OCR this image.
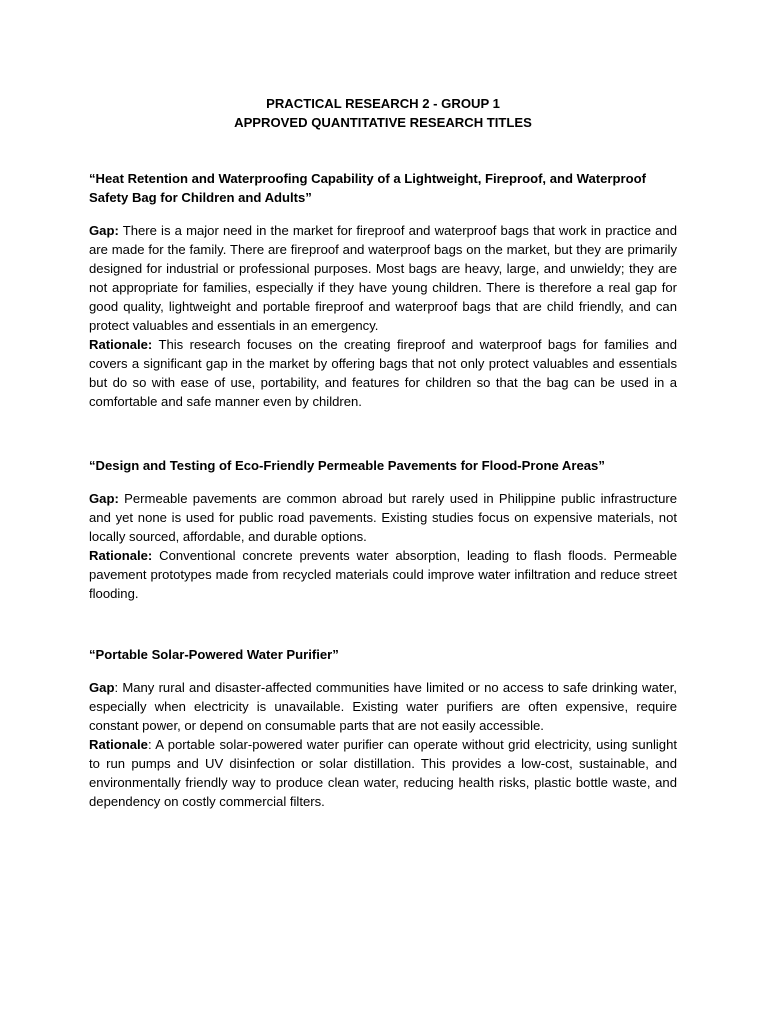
PRACTICAL RESEARCH 2 - GROUP 1
APPROVED QUANTITATIVE RESEARCH TITLES

“Heat Retention and Waterproofing Capability of a Lightweight, Fireproof, and Waterproof Safety Bag for Children and Adults”

Gap: There is a major need in the market for fireproof and waterproof bags that work in practice and are made for the family. There are fireproof and waterproof bags on the market, but they are primarily designed for industrial or professional purposes. Most bags are heavy, large, and unwieldy; they are not appropriate for families, especially if they have young children. There is therefore a real gap for good quality, lightweight and portable fireproof and waterproof bags that are child friendly, and can protect valuables and essentials in an emergency.

Rationale: This research focuses on the creating fireproof and waterproof bags for families and covers a significant gap in the market by offering bags that not only protect valuables and essentials but do so with ease of use, portability, and features for children so that the bag can be used in a comfortable and safe manner even by children.

“Design and Testing of Eco-Friendly Permeable Pavements for Flood-Prone Areas”

Gap: Permeable pavements are common abroad but rarely used in Philippine public infrastructure and yet none is used for public road pavements. Existing studies focus on expensive materials, not locally sourced, affordable, and durable options.

Rationale: Conventional concrete prevents water absorption, leading to flash floods. Permeable pavement prototypes made from recycled materials could improve water infiltration and reduce street flooding.

“Portable Solar-Powered Water Purifier”

Gap: Many rural and disaster-affected communities have limited or no access to safe drinking water, especially when electricity is unavailable. Existing water purifiers are often expensive, require constant power, or depend on consumable parts that are not easily accessible.

Rationale: A portable solar-powered water purifier can operate without grid electricity, using sunlight to run pumps and UV disinfection or solar distillation. This provides a low-cost, sustainable, and environmentally friendly way to produce clean water, reducing health risks, plastic bottle waste, and dependency on costly commercial filters.
